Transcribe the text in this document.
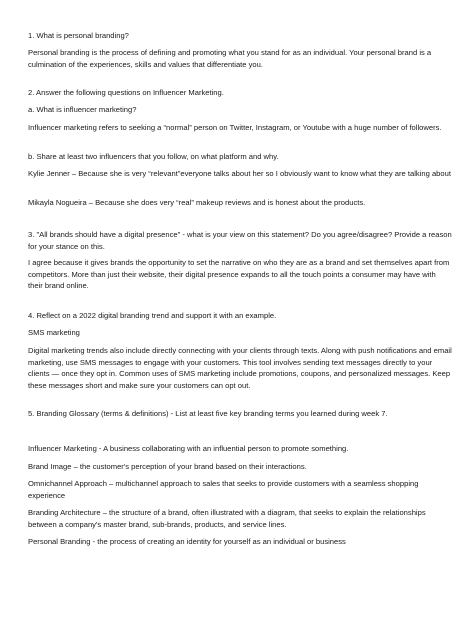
1. What is personal branding?

Personal branding is the process of defining and promoting what you stand for as an individual. Your personal brand is a culmination of the experiences, skills and values that differentiate you.

2. Answer the following questions on Influencer Marketing.

a. What is influencer marketing?

Influencer marketing refers to seeking a “normal” person on Twitter, Instagram, or Youtube with a huge number of followers.

b. Share at least two influencers that you follow, on what platform and why.

Kylie Jenner – Because she is very “relevant”everyone talks about her so I obviously want to know what they are talking about

Mikayla Nogueira – Because she does very “real” makeup reviews and is honest about the products.

3. "All brands should have a digital presence" - what is your view on this statement? Do you agree/disagree? Provide a reason for your stance on this.

I agree because it gives brands the opportunity to set the narrative on who they are as a brand and set themselves apart from competitors. More than just their website, their digital presence expands to all the touch points a consumer may have with their brand online.

4. Reflect on a 2022 digital branding trend and support it with an example.

SMS marketing

Digital marketing trends also include directly connecting with your clients through texts. Along with push notifications and email marketing, use SMS messages to engage with your customers. This tool involves sending text messages directly to your clients — once they opt in. Common uses of SMS marketing include promotions, coupons, and personalized messages. Keep these messages short and make sure your customers can opt out.

5. Branding Glossary (terms & definitions) - List at least five key branding terms you learned during week 7.

Influencer Marketing - A business collaborating with an influential person to promote something.

Brand Image – the customer's perception of your brand based on their interactions.

Omnichannel Approach – multichannel approach to sales that seeks to provide customers with a seamless shopping experience

Branding Architecture – the structure of a brand, often illustrated with a diagram, that seeks to explain the relationships between a company's master brand, sub-brands, products, and service lines.

Personal Branding - the process of creating an identity for yourself as an individual or business
